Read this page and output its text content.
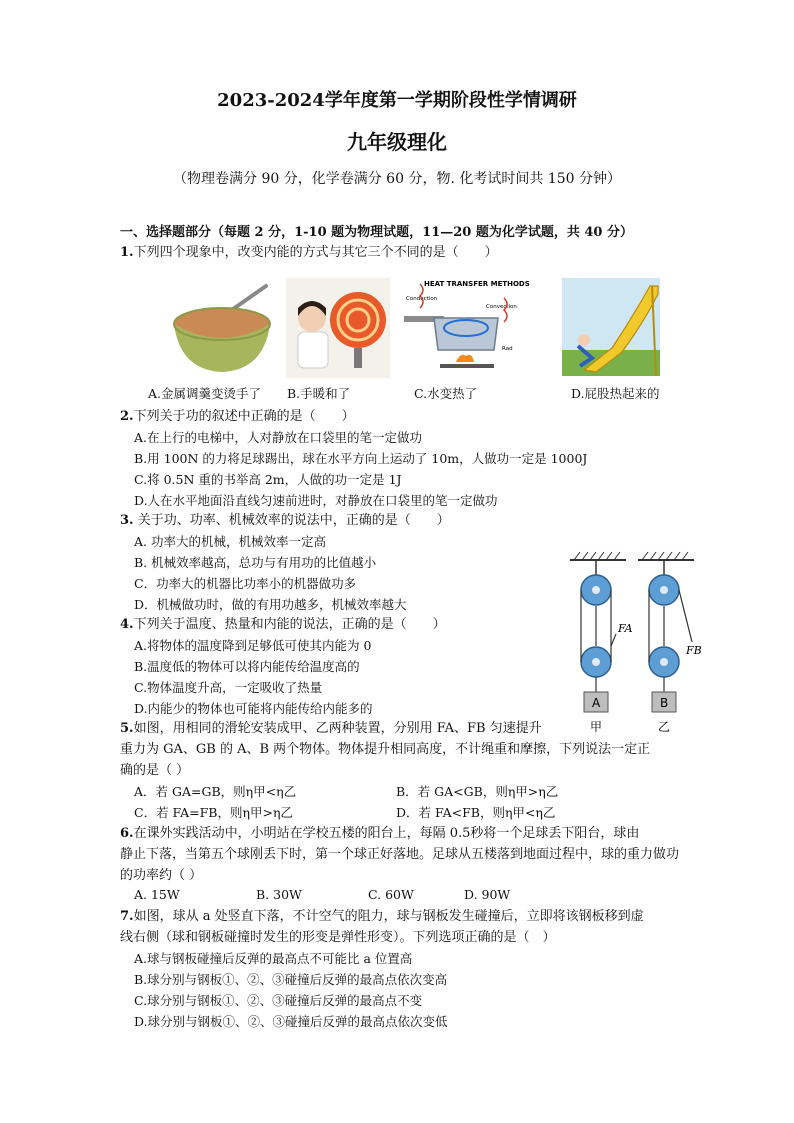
2023-2024学年度第一学期阶段性学情调研
九年级理化
（物理卷满分 90 分，化学卷满分 60 分，物. 化考试时间共 150 分钟）
一、选择题部分（每题 2 分，1-10 题为物理试题，11—20 题为化学试题，共 40 分）
1.下列四个现象中，改变内能的方式与其它三个不同的是（　　）
HEAT TRANSFER METHODS
Conduction
Convection
Rad
A.金属调羹变烫手了 B.手暖和了	C.水变热了	D.屁股热起来的
2.下列关于功的叙述中正确的是（　　）
A.在上行的电梯中，人对静放在口袋里的笔一定做功
B.用 100N 的力将足球踢出，球在水平方向上运动了 10m，人做功一定是 1000J
C.将 0.5N 重的书举高 2m，人做的功一定是 1J
D.人在水平地面沿直线匀速前进时，对静放在口袋里的笔一定做功
3. 关于功、功率、机械效率的说法中，正确的是（　　）
A. 功率大的机械，机械效率一定高
B. 机械效率越高，总功与有用功的比值越小
C．功率大的机器比功率小的机器做功多
D．机械做功时，做的有用功越多，机械效率越大
4.下列关于温度、热量和内能的说法，正确的是（　　）
A.将物体的温度降到足够低可使其内能为 0
B.温度低的物体可以将内能传给温度高的
C.物体温度升高，一定吸收了热量
D.内能少的物体也可能将内能传给内能多的
FA
A
甲
FB
B
乙
5.如图，用相同的滑轮安装成甲、乙两种装置，分别用 FA、FB 匀速提升
重力为 GA、GB 的 A、B 两个物体。物体提升相同高度，不计绳重和摩擦，下列说法一定正
确的是（ ）
A．若 GA=GB，则η甲<η乙	B．若 GA<GB，则η甲>η乙
C．若 FA=FB，则η甲>η乙	D．若 FA<FB，则η甲<η乙
6.在课外实践活动中，小明站在学校五楼的阳台上，每隔 0.5秒将一个足球丢下阳台，球由
静止下落，当第五个球刚丢下时，第一个球正好落地。足球从五楼落到地面过程中，球的重力做功
的功率约（ ）
A. 15W	B. 30W	C. 60W	D. 90W
7.如图，球从 a 处竖直下落，不计空气的阻力，球与钢板发生碰撞后，立即将该钢板移到虚
线右侧（球和钢板碰撞时发生的形变是弹性形变）。下列选项正确的是（　）
A.球与钢板碰撞后反弹的最高点不可能比 a 位置高
B.球分别与钢板①、②、③碰撞后反弹的最高点依次变高
C.球分别与钢板①、②、③碰撞后反弹的最高点不变
D.球分别与钢板①、②、③碰撞后反弹的最高点依次变低
